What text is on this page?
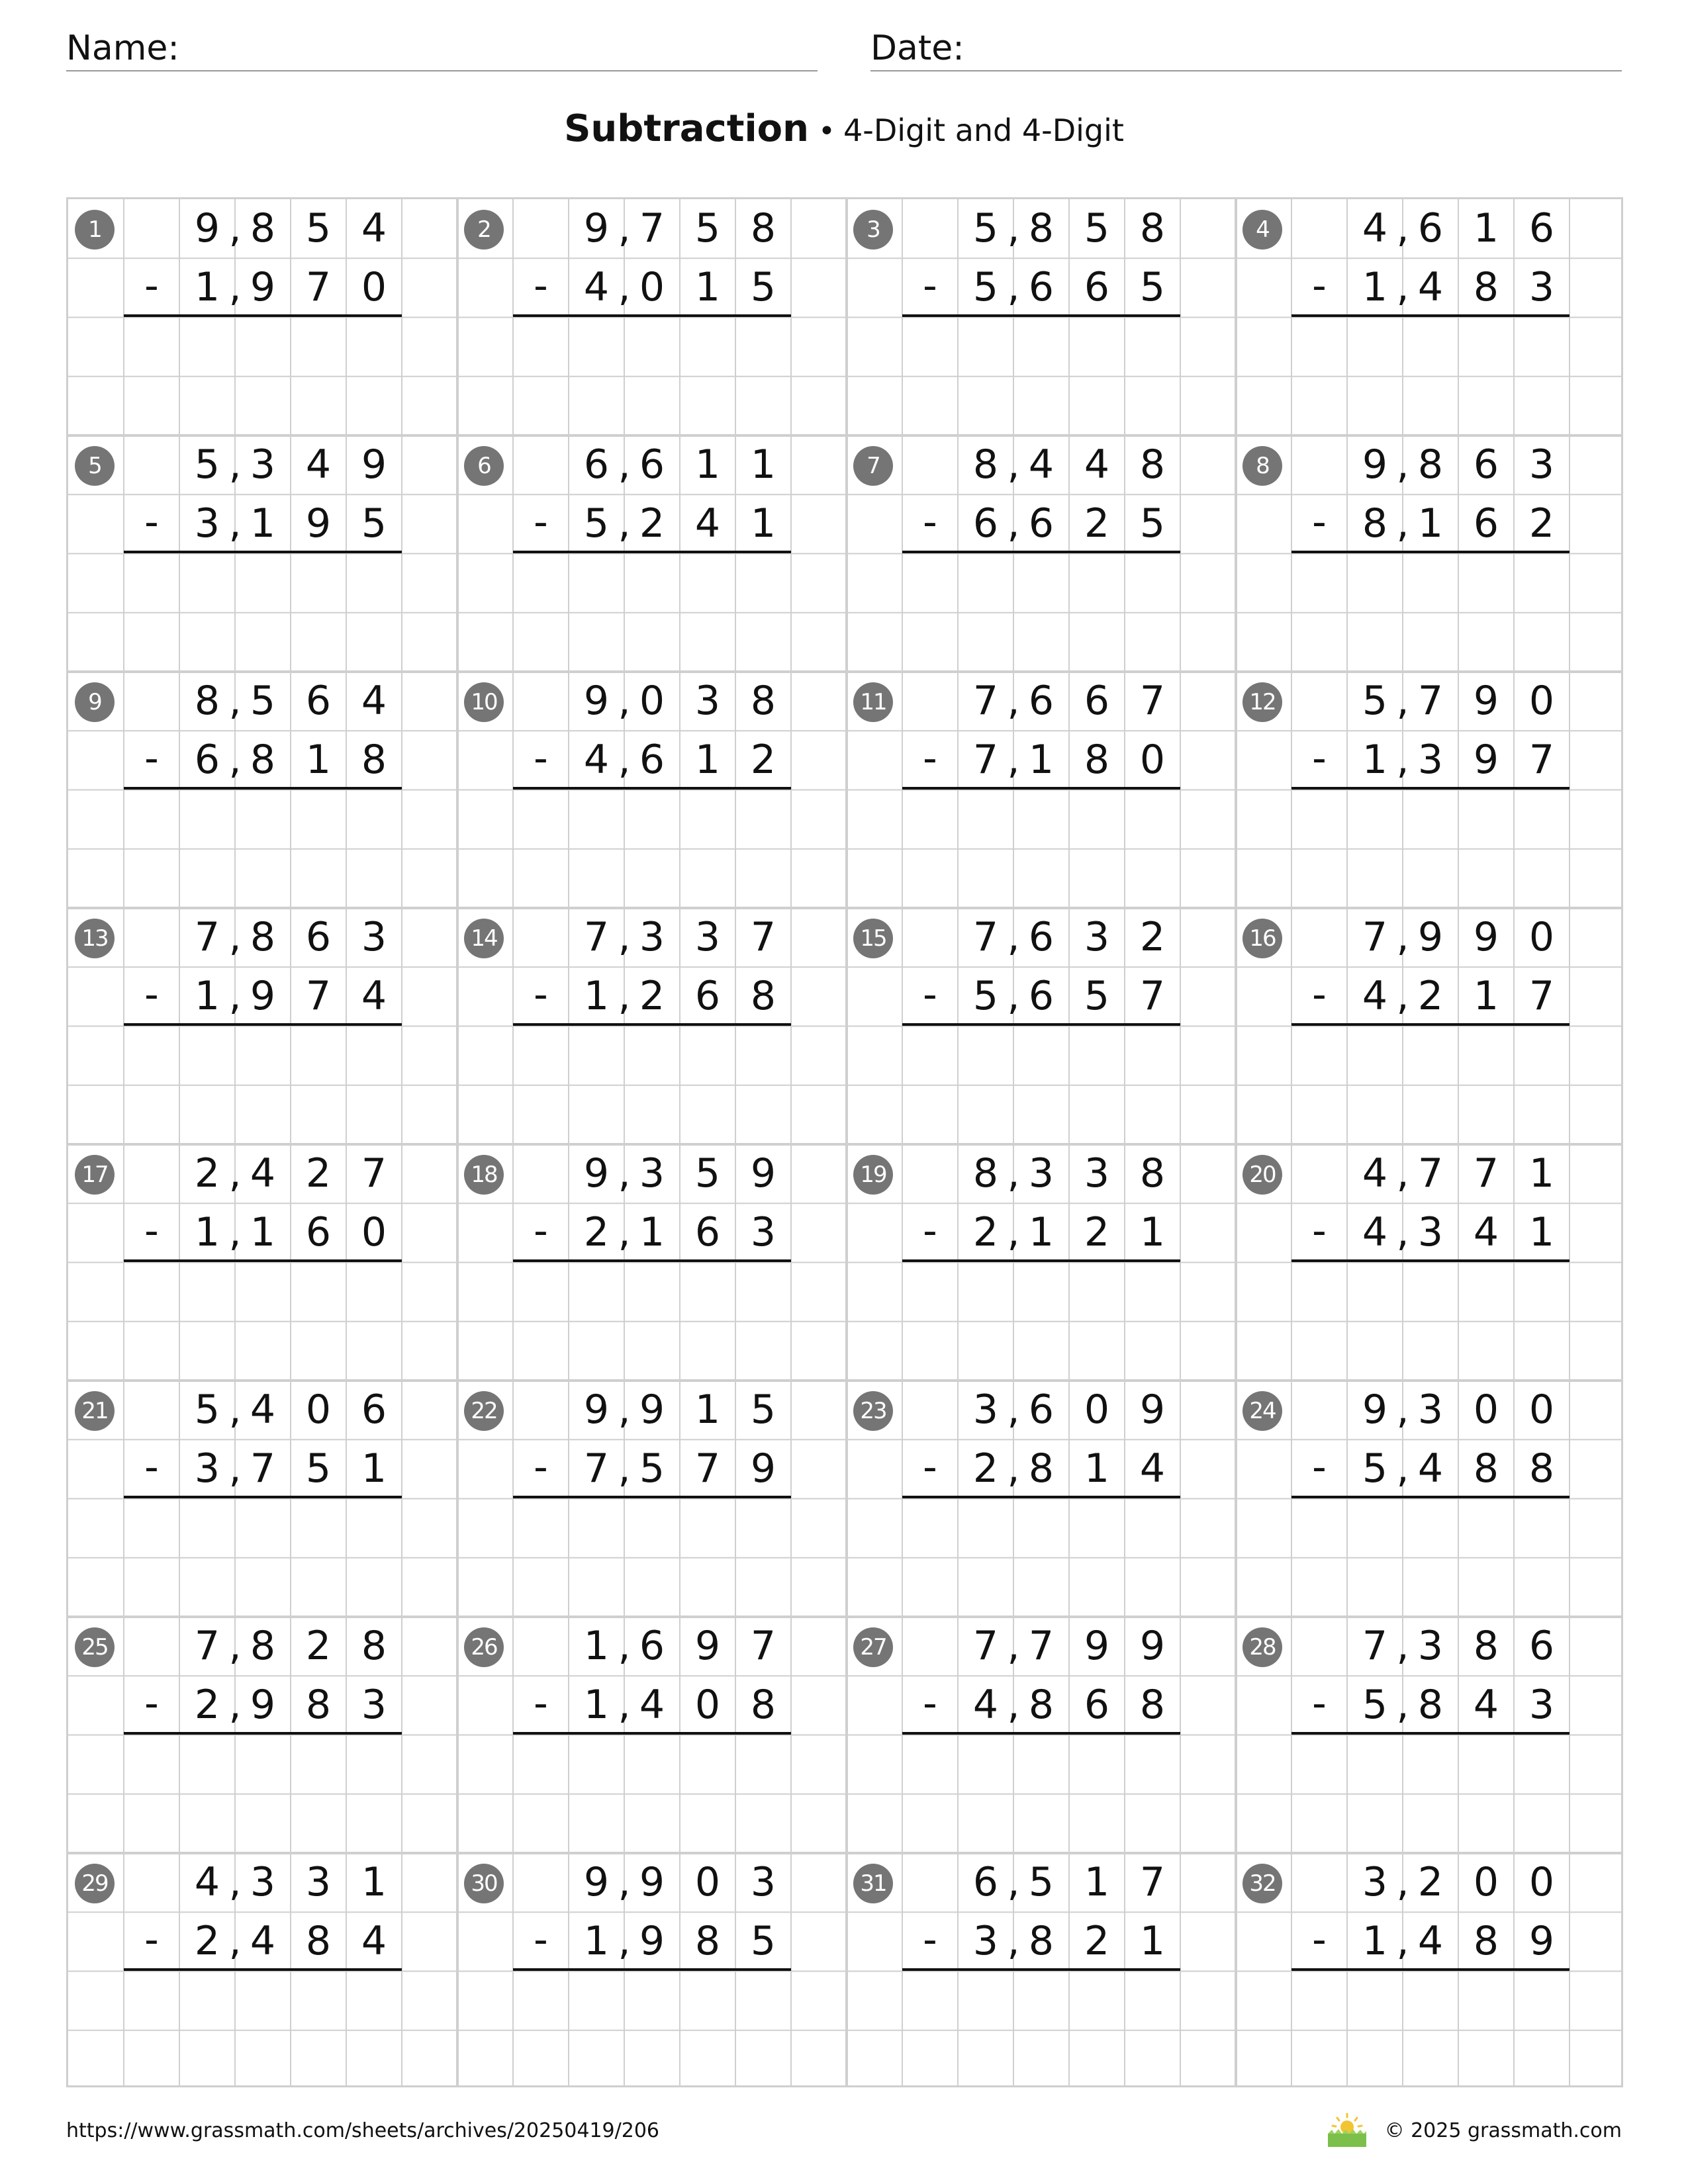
Name:	Date:
Subtraction • 4-Digit and 4-Digit
1	9 8 5 4
,
- 1 9 7 0
,
2	9 7 5 8
,
- 4 0 1 5
,
3	5 8 5 8
,
- 5 6 6 5
,
4	4 6 1 6
,
- 1 4 8 3
,
5	5 3 4 9
,
- 3 1 9 5
,
6	6 6 1 1
,
- 5 2 4 1
,
7	8 4 4 8
,
- 6 6 2 5
,
8	9 8 6 3
,
- 8 1 6 2
,
9	8 5 6 4
,
- 6 8 1 8
,
10	9 0 3 8
,
- 4 6 1 2
,
11	7 6 6 7
,
- 7 1 8 0
,
12	5 7 9 0
,
- 1 3 9 7
,
13	7 8 6 3
,
- 1 9 7 4
,
14	7 3 3 7
,
- 1 2 6 8
,
15	7 6 3 2
,
- 5 6 5 7
,
16	7 9 9 0
,
- 4 2 1 7
,
17	2 4 2 7
,
- 1 1 6 0
,
18	9 3 5 9
,
- 2 1 6 3
,
19	8 3 3 8
,
- 2 1 2 1
,
20	4 7 7 1
,
- 4 3 4 1
,
21	5 4 0 6
,
- 3 7 5 1
,
22	9 9 1 5
,
- 7 5 7 9
,
23	3 6 0 9
,
- 2 8 1 4
,
24	9 3 0 0
,
- 5 4 8 8
,
25	7 8 2 8
,
- 2 9 8 3
,
26	1 6 9 7
,
- 1 4 0 8
,
27	7 7 9 9
,
- 4 8 6 8
,
28	7 3 8 6
,
- 5 8 4 3
,
29	4 3 3 1
,
- 2 4 8 4
,
30	9 9 0 3
,
- 1 9 8 5
,
31	6 5 1 7
,
- 3 8 2 1
,
32	3 2 0 0
,
- 1 4 8 9
,
https://www.grassmath.com/sheets/archives/20250419/206	© 2025 grassmath.com
